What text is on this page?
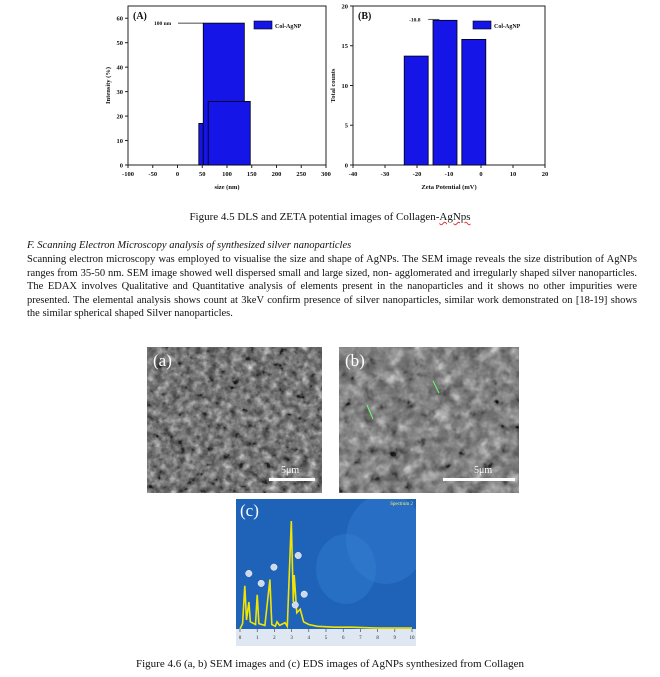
-100 -50	0	50	100 150 200 250 300
0
10
20
30
40
50
60
size (nm)
Intensity (%)
(A)
Col-AgNP
-40	-30	-20	-10	0	10	20
0
5
10
15
20
Zeta Potential (mV)
Total counts
(B)
Col-AgNP
100 nm
-10.8
Figure 4.5 DLS and ZETA potential images of Collagen-AgNps
F. Scanning Electron Microscopy analysis of synthesized silver nanoparticles
Scanning electron microscopy was employed to visualise the size and shape of AgNPs. The SEM image reveals the size distribution of AgNPs ranges from 35-50 nm. SEM image showed well dispersed small and large sized, non- agglomerated and irregularly shaped silver nanoparticles. The EDAX involves Qualitative and Quantitative analysis of elements present in the nanoparticles and it shows no other impurities were presented. The elemental analysis shows count at 3keV confirm presence of silver nanoparticles, similar work demonstrated on [18-19] shows the similar spherical shaped Silver nanoparticles.
(a)
5μm
(b)
5μm
0	1	2	3	4	5	6	7	8	9	10
(c)	Spectrum 2
Figure 4.6 (a, b) SEM images and (c) EDS images of AgNPs synthesized from Collagen
